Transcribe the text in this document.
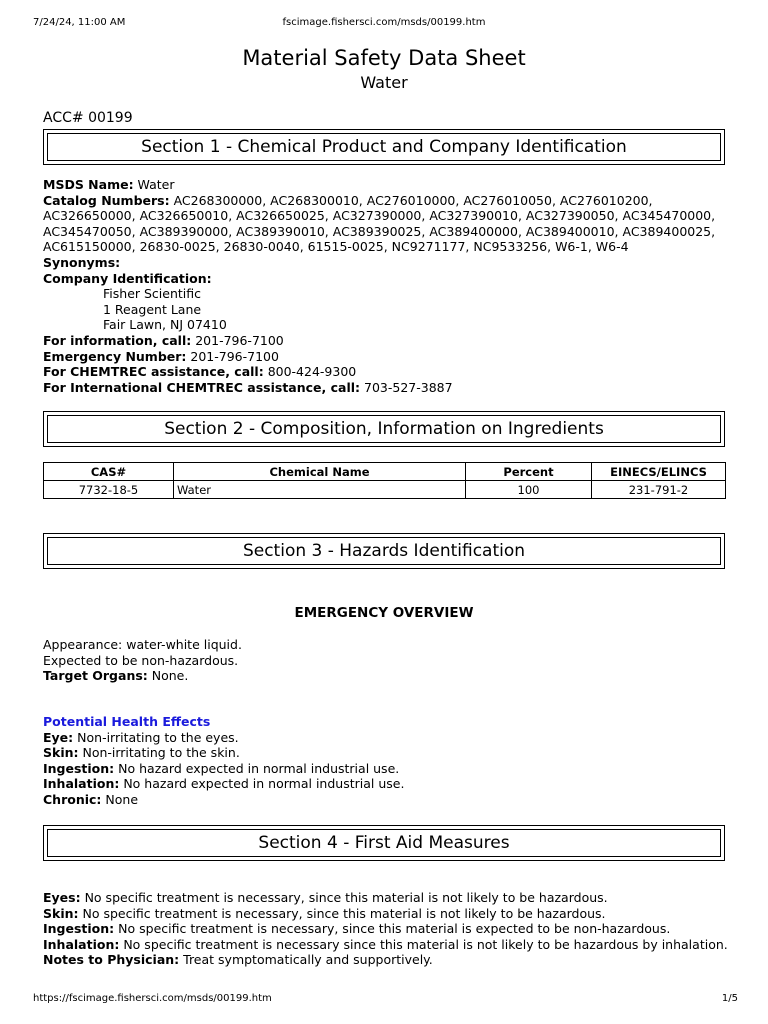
7/24/24, 11:00 AM	fscimage.fishersci.com/msds/00199.htm
Material Safety Data Sheet
Water
ACC# 00199
Section 1 - Chemical Product and Company Identification
MSDS Name: Water
Catalog Numbers: AC268300000, AC268300010, AC276010000, AC276010050, AC276010200,
AC326650000, AC326650010, AC326650025, AC327390000, AC327390010, AC327390050, AC345470000,
AC345470050, AC389390000, AC389390010, AC389390025, AC389400000, AC389400010, AC389400025,
AC615150000, 26830-0025, 26830-0040, 61515-0025, NC9271177, NC9533256, W6-1, W6-4
Synonyms:
Company Identification:
Fisher Scientific
1 Reagent Lane
Fair Lawn, NJ 07410
For information, call: 201-796-7100
Emergency Number: 201-796-7100
For CHEMTREC assistance, call: 800-424-9300
For International CHEMTREC assistance, call: 703-527-3887
Section 2 - Composition, Information on Ingredients
CAS#	Chemical Name	Percent	EINECS/ELINCS
7732-18-5	Water	100	231-791-2
Section 3 - Hazards Identification
EMERGENCY OVERVIEW
Appearance: water-white liquid.
Expected to be non-hazardous.
Target Organs: None.
Potential Health Effects
Eye: Non-irritating to the eyes.
Skin: Non-irritating to the skin.
Ingestion: No hazard expected in normal industrial use.
Inhalation: No hazard expected in normal industrial use.
Chronic: None
Section 4 - First Aid Measures
Eyes: No specific treatment is necessary, since this material is not likely to be hazardous.
Skin: No specific treatment is necessary, since this material is not likely to be hazardous.
Ingestion: No specific treatment is necessary, since this material is expected to be non-hazardous.
Inhalation: No specific treatment is necessary since this material is not likely to be hazardous by inhalation.
Notes to Physician: Treat symptomatically and supportively.
https://fscimage.fishersci.com/msds/00199.htm	1/5
